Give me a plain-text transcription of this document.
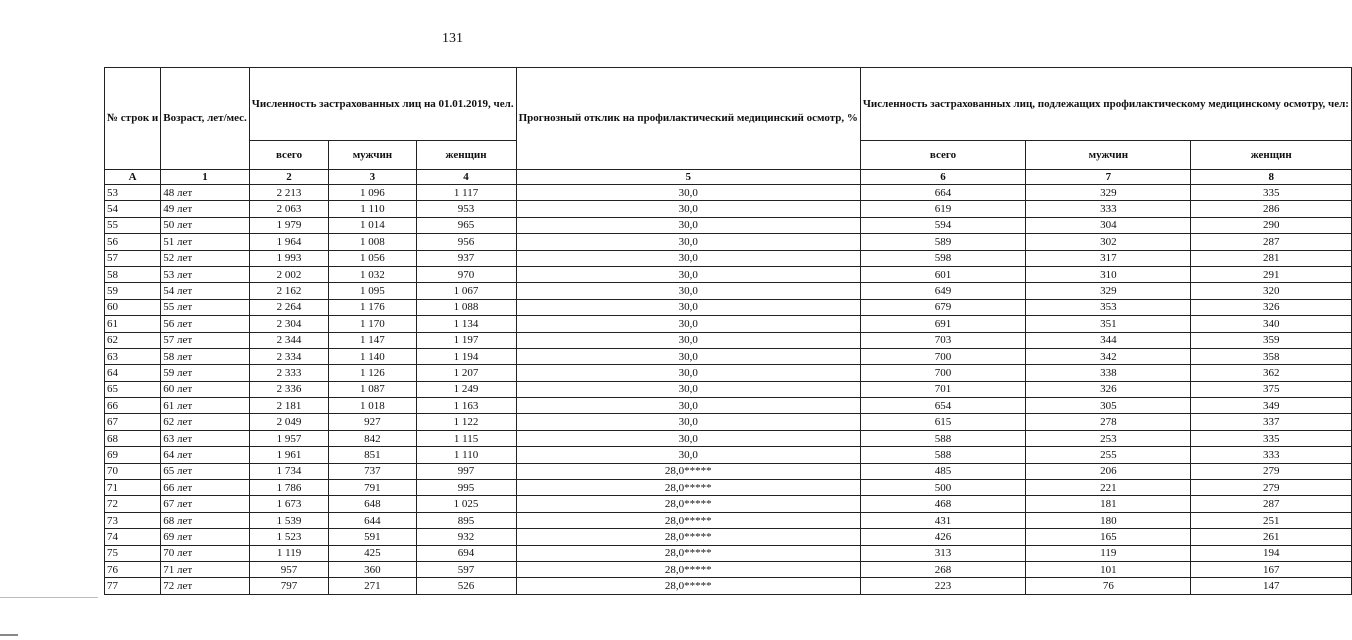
131
№ строк и	Возраст, лет/мес.	Численность застрахованных лиц на 01.01.2019, чел.			Прогнозный отклик на профилактический медицинский осмотр, %	Численность застрахованных лиц, подлежащих профилактическому медицинскому осмотру, чел:		
		всего	мужчин	женщин		всего	мужчин	женщин
А	1	2	3	4	5	6	7	8
53	48 лет	2 213	1 096	1 117	30,0	664	329	335
54	49 лет	2 063	1 110	953	30,0	619	333	286
55	50 лет	1 979	1 014	965	30,0	594	304	290
56	51 лет	1 964	1 008	956	30,0	589	302	287
57	52 лет	1 993	1 056	937	30,0	598	317	281
58	53 лет	2 002	1 032	970	30,0	601	310	291
59	54 лет	2 162	1 095	1 067	30,0	649	329	320
60	55 лет	2 264	1 176	1 088	30,0	679	353	326
61	56 лет	2 304	1 170	1 134	30,0	691	351	340
62	57 лет	2 344	1 147	1 197	30,0	703	344	359
63	58 лет	2 334	1 140	1 194	30,0	700	342	358
64	59 лет	2 333	1 126	1 207	30,0	700	338	362
65	60 лет	2 336	1 087	1 249	30,0	701	326	375
66	61 лет	2 181	1 018	1 163	30,0	654	305	349
67	62 лет	2 049	927	1 122	30,0	615	278	337
68	63 лет	1 957	842	1 115	30,0	588	253	335
69	64 лет	1 961	851	1 110	30,0	588	255	333
70	65 лет	1 734	737	997	28,0*****	485	206	279
71	66 лет	1 786	791	995	28,0*****	500	221	279
72	67 лет	1 673	648	1 025	28,0*****	468	181	287
73	68 лет	1 539	644	895	28,0*****	431	180	251
74	69 лет	1 523	591	932	28,0*****	426	165	261
75	70 лет	1 119	425	694	28,0*****	313	119	194
76	71 лет	957	360	597	28,0*****	268	101	167
77	72 лет	797	271	526	28,0*****	223	76	147
